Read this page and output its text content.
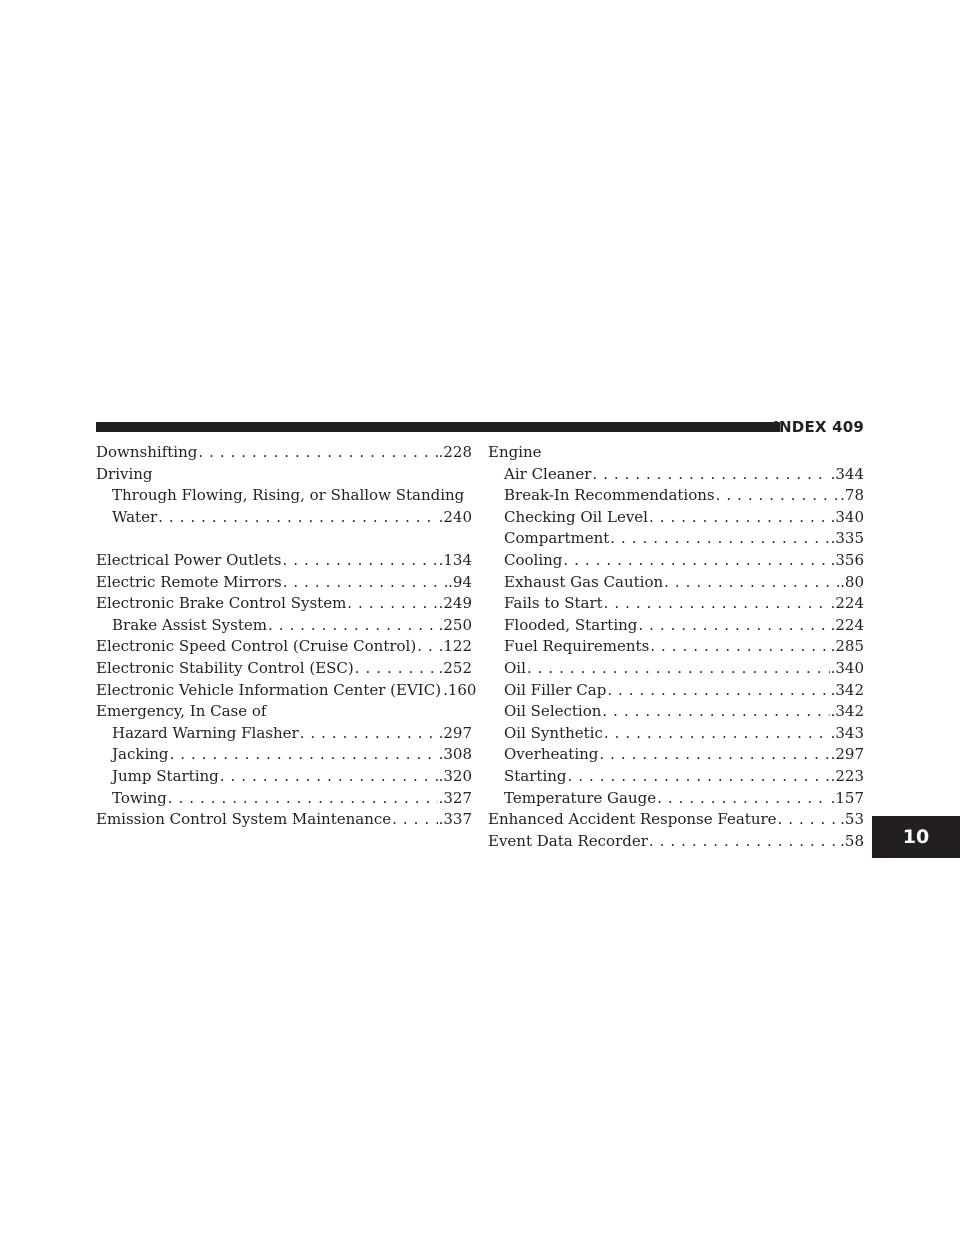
INDEX 409
10
Downshifting . . .	.228
Driving
Through Flowing, Rising, or Shallow Standing
Water . . .	.240
Electrical Power Outlets . . .	.134
Electric Remote Mirrors . . .	.94
Electronic Brake Control System . . .	.249
Brake Assist System . . .	.250
Electronic Speed Control (Cruise Control) . . . .122
Electronic Stability Control (ESC) . . .	.252
Electronic Vehicle Information Center (EVIC) .160
Emergency, In Case of
Hazard Warning Flasher . . .	.297
Jacking . . .	.308
Jump Starting . . .	.320
Towing . . .	.327
Emission Control System Maintenance . . .	.337
Engine
Air Cleaner . . .	.344
Break-In Recommendations . . .	.78
Checking Oil Level . . .	.340
Compartment . . .	.335
Cooling . . .	.356
Exhaust Gas Caution . . .	.80
Fails to Start . . .	.224
Flooded, Starting . . .	.224
Fuel Requirements . . .	.285
Oil . . .	.340
Oil Filler Cap . . .	.342
Oil Selection . . .	.342
Oil Synthetic . . .	.343
Overheating . . .	.297
Starting . . .	.223
Temperature Gauge . . .	.157
Enhanced Accident Response Feature . . .	.53
Event Data Recorder . . .	.58
